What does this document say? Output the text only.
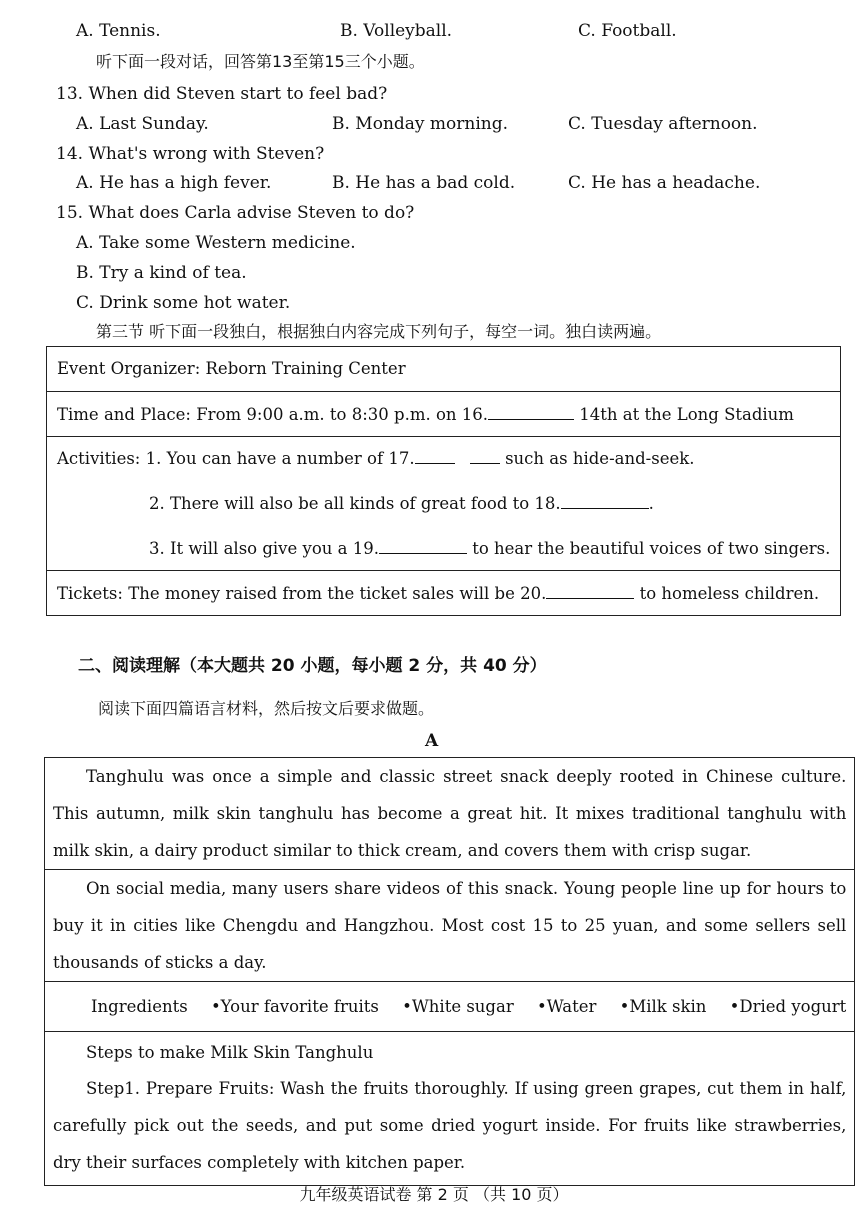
A. Tennis.	B. Volleyball.	C. Football.
听下面一段对话，回答第13至第15三个小题。
13. When did Steven start to feel bad?
A. Last Sunday.	B. Monday morning.	C. Tuesday afternoon.
14. What's wrong with Steven?
A. He has a high fever.	B. He has a bad cold.	C. He has a headache.
15. What does Carla advise Steven to do?
A. Take some Western medicine.
B. Try a kind of tea.
C. Drink some hot water.
第三节 听下面一段独白，根据独白内容完成下列句子，每空一词。独白读两遍。
Event Organizer: Reborn Training Center

Time and Place: From 9:00 a.m. to 8:30 p.m. on 16.	14th at the Long Stadium

Activities: 1. You can have a number of 17.	such as hide-and-seek.
2. There will also be all kinds of great food to 18.	.
3. It will also give you a 19.	to hear the beautiful voices of two singers.

Tickets: The money raised from the ticket sales will be 20.	to homeless children.
二、阅读理解（本大题共 20 小题，每小题 2 分，共 40 分）
阅读下面四篇语言材料，然后按文后要求做题。
A
Tanghulu was once a simple and classic street snack deeply rooted in Chinese culture. This autumn, milk skin tanghulu has become a great hit. It mixes traditional tanghulu with milk skin, a dairy product similar to thick cream, and covers them with crisp sugar.

On social media, many users share videos of this snack. Young people line up for hours to buy it in cities like Chengdu and Hangzhou. Most cost 15 to 25 yuan, and some sellers sell thousands of sticks a day.

Ingredients •Your favorite fruits •White sugar •Water •Milk skin •Dried yogurt

Steps to make Milk Skin Tanghulu
Step1. Prepare Fruits: Wash the fruits thoroughly. If using green grapes, cut them in half, carefully pick out the seeds, and put some dried yogurt inside. For fruits like strawberries, dry their surfaces completely with kitchen paper.
九年级英语试卷 第 2 页 （共 10 页）
